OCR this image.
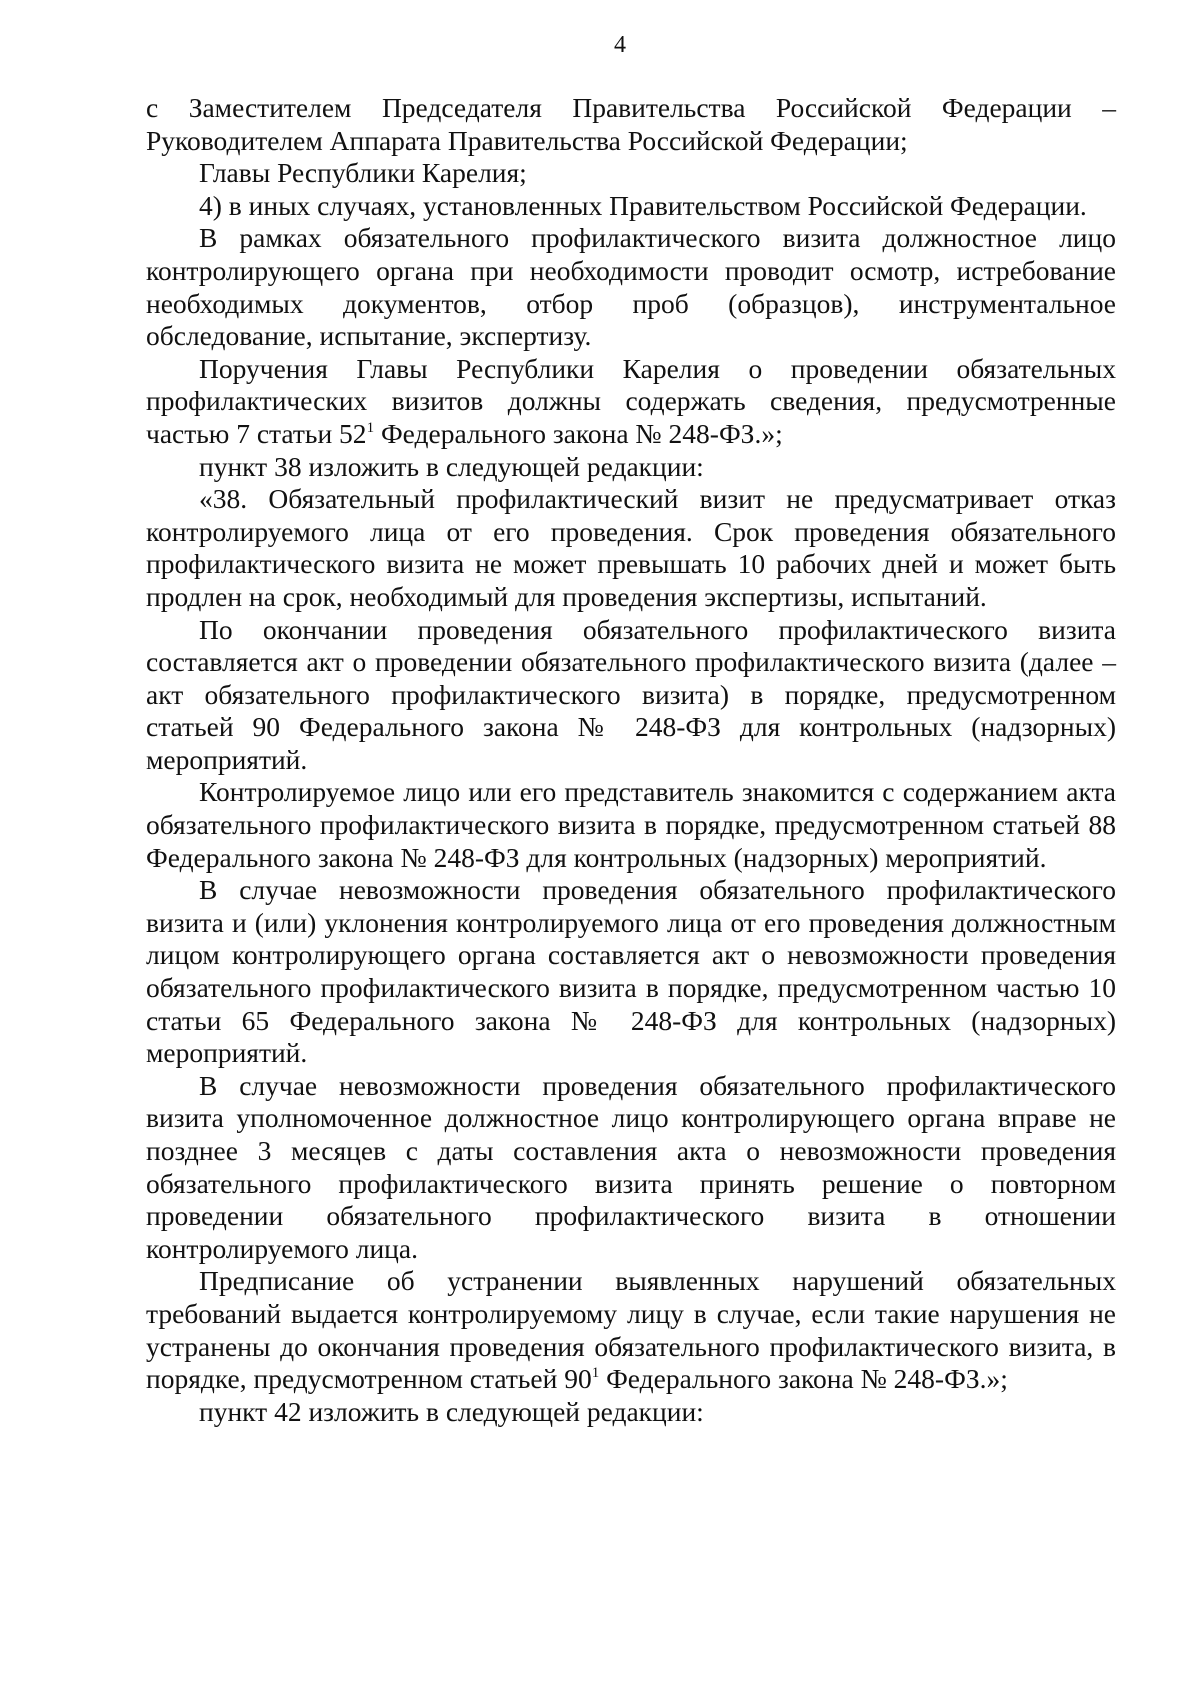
4

с Заместителем Председателя Правительства Российской Федерации – Руководителем Аппарата Правительства Российской Федерации;

Главы Республики Карелия;

4) в иных случаях, установленных Правительством Российской Федерации.

В рамках обязательного профилактического визита должностное лицо контролирующего органа при необходимости проводит осмотр, истребование необходимых документов, отбор проб (образцов), инструментальное обследование, испытание, экспертизу.

Поручения Главы Республики Карелия о проведении обязательных профилактических визитов должны содержать сведения, предусмотренные частью 7 статьи $52^1$ Федерального закона № 248-ФЗ.»;

пункт 38 изложить в следующей редакции:

«38. Обязательный профилактический визит не предусматривает отказ контролируемого лица от его проведения. Срок проведения обязательного профилактического визита не может превышать 10 рабочих дней и может быть продлен на срок, необходимый для проведения экспертизы, испытаний.

По окончании проведения обязательного профилактического визита составляется акт о проведении обязательного профилактического визита (далее – акт обязательного профилактического визита) в порядке, предусмотренном статьей 90 Федерального закона № 248-ФЗ для контрольных (надзорных) мероприятий.

Контролируемое лицо или его представитель знакомится с содержанием акта обязательного профилактического визита в порядке, предусмотренном статьей 88 Федерального закона № 248-ФЗ для контрольных (надзорных) мероприятий.

В случае невозможности проведения обязательного профилактического визита и (или) уклонения контролируемого лица от его проведения должностным лицом контролирующего органа составляется акт о невозможности проведения обязательного профилактического визита в порядке, предусмотренном частью 10 статьи 65 Федерального закона № 248-ФЗ для контрольных (надзорных) мероприятий.

В случае невозможности проведения обязательного профилактического визита уполномоченное должностное лицо контролирующего органа вправе не позднее 3 месяцев с даты составления акта о невозможности проведения обязательного профилактического визита принять решение о повторном проведении обязательного профилактического визита в отношении контролируемого лица.

Предписание об устранении выявленных нарушений обязательных требований выдается контролируемому лицу в случае, если такие нарушения не устранены до окончания проведения обязательного профилактического визита, в порядке, предусмотренном статьей $90^1$ Федерального закона № 248-ФЗ.»;

пункт 42 изложить в следующей редакции:
